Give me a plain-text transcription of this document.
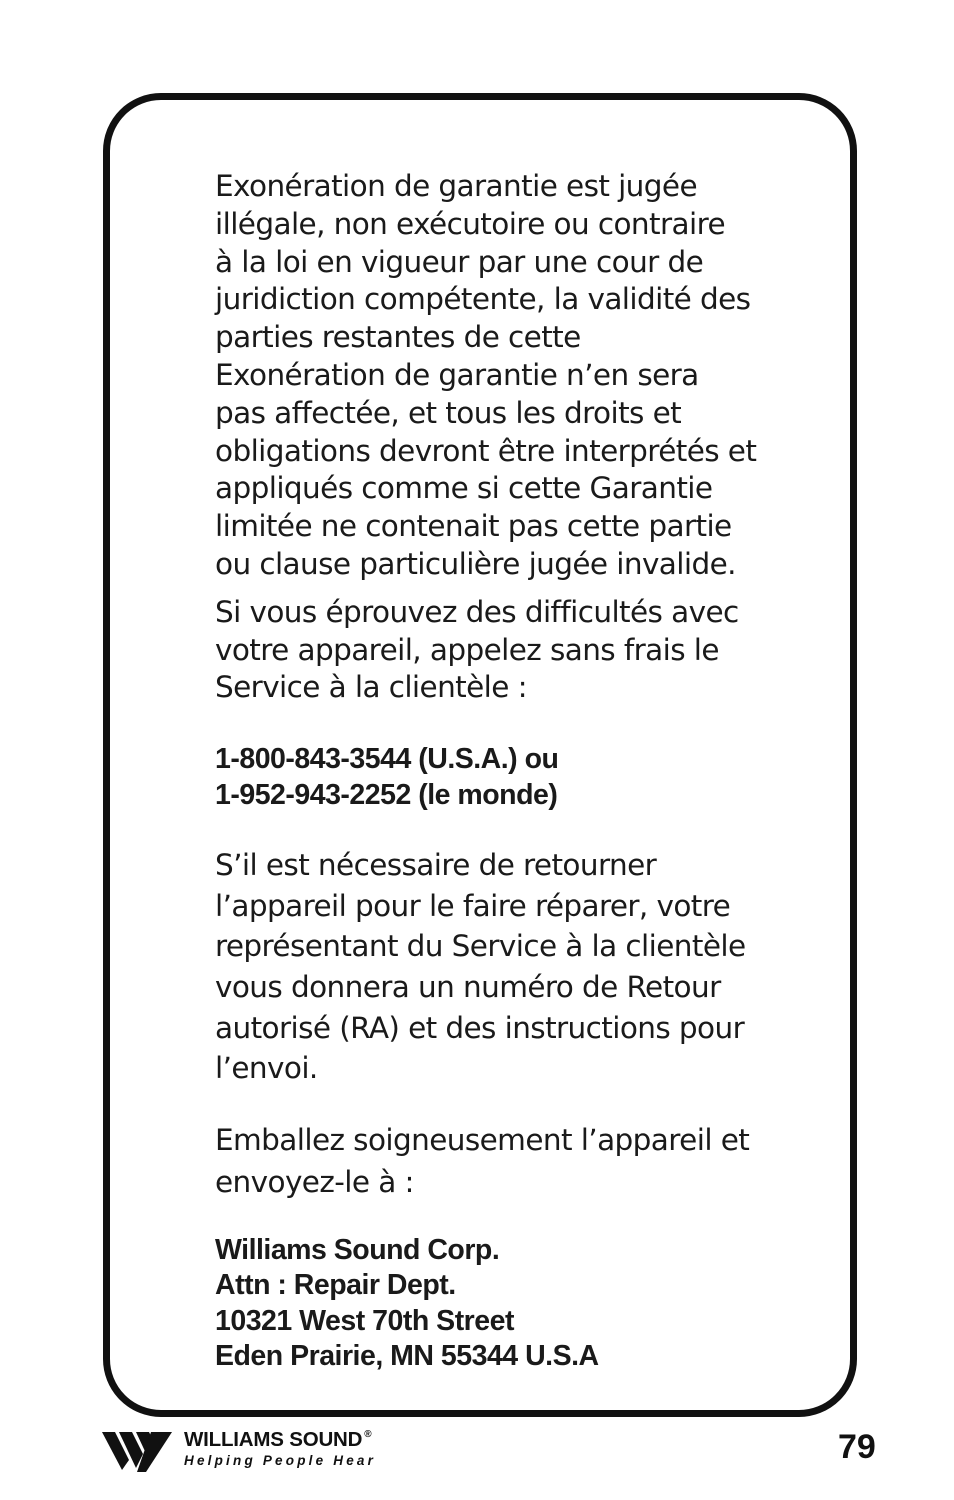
Exonération de garantie est jugée
illégale, non exécutoire ou contraire
à la loi en vigueur par une cour de
juridiction compétente, la validité des
parties restantes de cette
Exonération de garantie n’en sera
pas affectée, et tous les droits et
obligations devront être interprétés et
appliqués comme si cette Garantie
limitée ne contenait pas cette partie
ou clause particulière jugée invalide.

Si vous éprouvez des difficultés avec
votre appareil, appelez sans frais le
Service à la clientèle :

1-800-843-3544 (U.S.A.) ou
1-952-943-2252 (le monde)

S’il est nécessaire de retourner
l’appareil pour le faire réparer, votre
représentant du Service à la clientèle
vous donnera un numéro de Retour
autorisé (RA) et des instructions pour
l’envoi.

Emballez soigneusement l’appareil et
envoyez-le à :

Williams Sound Corp.
Attn : Repair Dept.
10321 West 70th Street
Eden Prairie, MN 55344 U.S.A

WILLIAMS SOUND ®
Helping People Hear	79
